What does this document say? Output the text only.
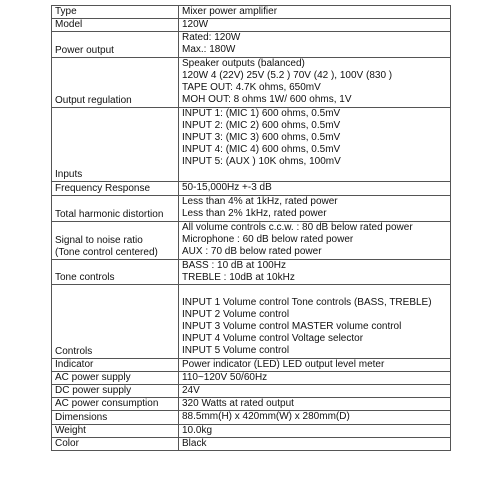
Type	Mixer power amplifier

Model	120W

Power output	Rated: 120W
Max.: 180W

Output regulation	Speaker outputs (balanced)
120W 4 (22V) 25V (5.2 ) 70V (42 ), 100V (830 )
TAPE OUT: 4.7K ohms, 650mV
MOH OUT: 8 ohms 1W/ 600 ohms, 1V

Inputs	INPUT 1: (MIC 1) 600 ohms, 0.5mV
INPUT 2: (MIC 2) 600 ohms, 0.5mV
INPUT 3: (MIC 3) 600 ohms, 0.5mV
INPUT 4: (MIC 4) 600 ohms, 0.5mV
INPUT 5: (AUX ) 10K ohms, 100mV

Frequency Response	50-15,000Hz +-3 dB

Total harmonic distortion	Less than 4% at 1kHz, rated power
Less than 2% 1kHz, rated power

Signal to noise ratio
(Tone control centered)	All volume controls c.c.w. : 80 dB below rated power
Microphone : 60 dB below rated power
AUX : 70 dB below rated power

Tone controls	BASS : 10 dB at 100Hz
TREBLE : 10dB at 10kHz

Controls	INPUT 1 Volume control Tone controls (BASS, TREBLE)
INPUT 2 Volume control
INPUT 3 Volume control MASTER volume control
INPUT 4 Volume control Voltage selector
INPUT 5 Volume control

Indicator	Power indicator (LED) LED output level meter

AC power supply	110~120V 50/60Hz

DC power supply	24V

AC power consumption	320 Watts at rated output

Dimensions	88.5mm(H) x 420mm(W) x 280mm(D)

Weight	10.0kg

Color	Black
